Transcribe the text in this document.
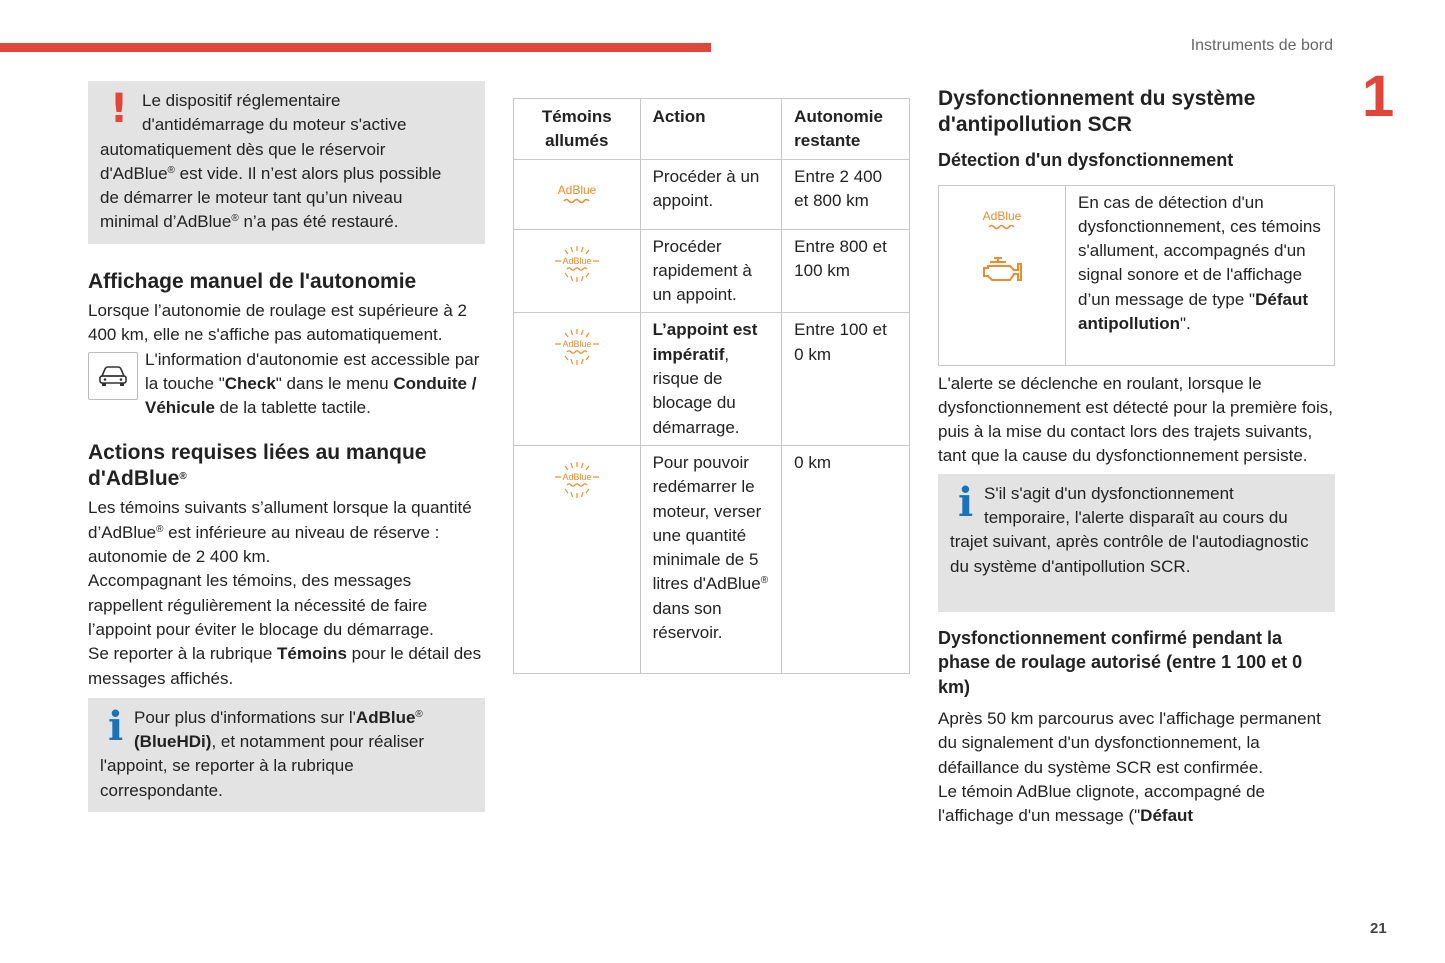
Instruments de bord
1
21
! Le dispositif réglementaire
d'antidémarrage du moteur s'active
automatiquement dès que le réservoir
d'AdBlue® est vide. Il n’est alors plus possible
de démarrer le moteur tant qu’un niveau
minimal d’AdBlue® n’a pas été restauré.

Affichage manuel de l'autonomie

Lorsque l’autonomie de roulage est supérieure à 2 400 km, elle ne s'affiche pas automatiquement.

L'information d'autonomie est accessible par la touche "Check" dans le menu Conduite / Véhicule de la tablette tactile.

Actions requises liées au manque d'AdBlue®

Les témoins suivants s’allument lorsque la quantité d’AdBlue® est inférieure au niveau de réserve : autonomie de 2 400 km.

Accompagnant les témoins, des messages rappellent régulièrement la nécessité de faire l’appoint pour éviter le blocage du démarrage.

Se reporter à la rubrique Témoins pour le détail des messages affichés.

i Pour plus d'informations sur l'AdBlue®
(BlueHDi), et notamment pour réaliser l'appoint, se reporter à la rubrique correspondante.

Témoins allumés	Action	Autonomie restante

AdBlue	Procéder à un appoint.	Entre 2 400 et 800 km

AdBlue	Procéder rapidement à un appoint.	Entre 800 et 100 km

AdBlue	L’appoint est impératif, risque de blocage du démarrage.	Entre 100 et 0 km

AdBlue	Pour pouvoir redémarrer le moteur, verser une quantité minimale de 5 litres d'AdBlue® dans son réservoir.	0 km
Dysfonctionnement du système d'antipollution SCR
Détection d'un dysfonctionnement
AdBlue

	En cas de détection d'un dysfonctionnement, ces témoins s'allument, accompagnés d'un signal sonore et de l'affichage d’un message de type "Défaut antipollution".

L'alerte se déclenche en roulant, lorsque le dysfonctionnement est détecté pour la première fois, puis à la mise du contact lors des trajets suivants, tant que la cause du dysfonctionnement persiste.

i S'il s'agit d'un dysfonctionnement temporaire, l'alerte disparaît au cours du trajet suivant, après contrôle de l'autodiagnostic du système d'antipollution SCR.

Dysfonctionnement confirmé pendant la phase de roulage autorisé (entre 1 100 et 0 km)

Après 50 km parcourus avec l'affichage permanent du signalement d'un dysfonctionnement, la défaillance du système SCR est confirmée.

Le témoin AdBlue clignote, accompagné de l'affichage d'un message ("Défaut
